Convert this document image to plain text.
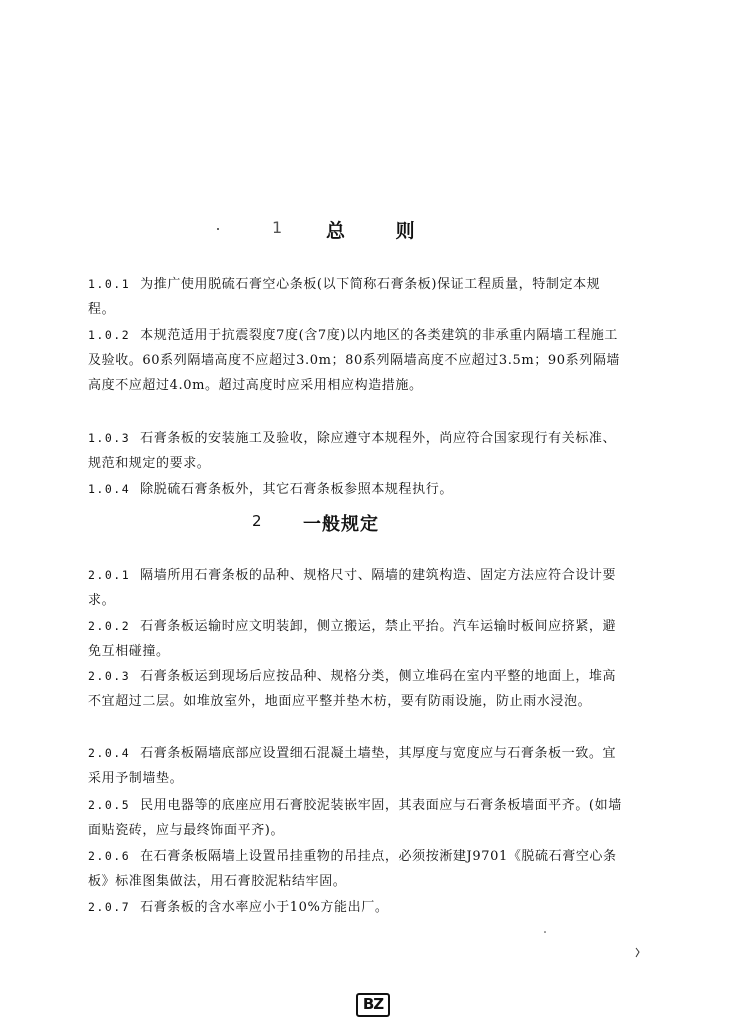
1 总 则

1.0.1 为推广使用脱硫石膏空心条板(以下简称石膏条板)保证工程质量，特制定本规程。

1.0.2 本规范适用于抗震裂度7度(含7度)以内地区的各类建筑的非承重内隔墙工程施工及验收。60系列隔墙高度不应超过3.0m；80系列隔墙高度不应超过3.5m；90系列隔墙高度不应超过4.0m。超过高度时应采用相应构造措施。

1.0.3 石膏条板的安装施工及验收，除应遵守本规程外，尚应符合国家现行有关标准、规范和规定的要求。

1.0.4 除脱硫石膏条板外，其它石膏条板参照本规程执行。

2 一般规定

2.0.1 隔墙所用石膏条板的品种、规格尺寸、隔墙的建筑构造、固定方法应符合设计要求。

2.0.2 石膏条板运输时应文明装卸，侧立搬运，禁止平抬。汽车运输时板间应挤紧，避免互相碰撞。

2.0.3 石膏条板运到现场后应按品种、规格分类，侧立堆码在室内平整的地面上，堆高不宜超过二层。如堆放室外，地面应平整并垫木枋，要有防雨设施，防止雨水浸泡。

2.0.4 石膏条板隔墙底部应设置细石混凝土墙垫，其厚度与宽度应与石膏条板一致。宜采用予制墙垫。

2.0.5 民用电器等的底座应用石膏胶泥装嵌牢固，其表面应与石膏条板墙面平齐。(如墙面贴瓷砖，应与最终饰面平齐)。

2.0.6 在石膏条板隔墙上设置吊挂重物的吊挂点，必须按淅建J9701《脱硫石膏空心条板》标准图集做法，用石膏胶泥粘结牢固。

2.0.7 石膏条板的含水率应小于10%方能出厂。

BZ
